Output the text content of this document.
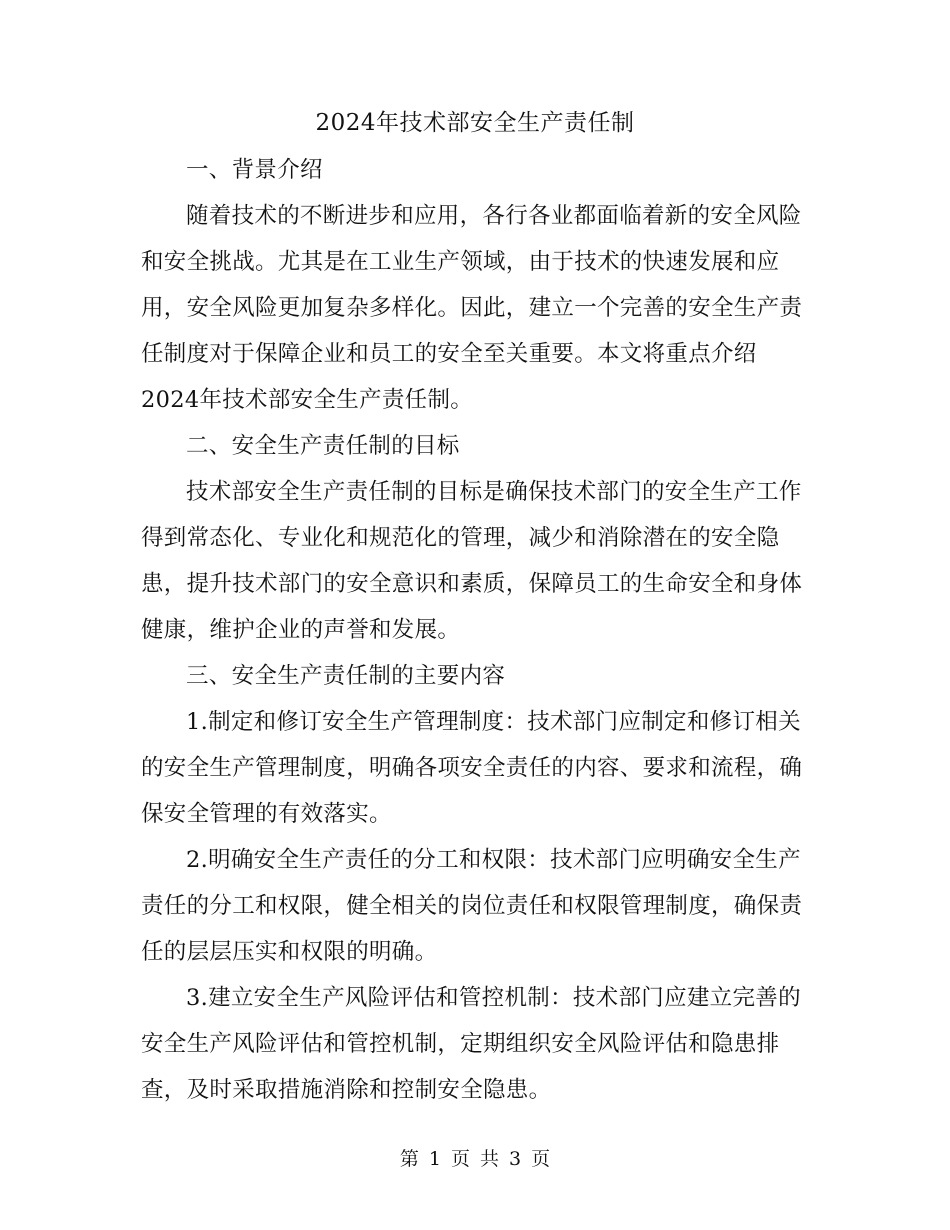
2024年技术部安全生产责任制

一、背景介绍

随着技术的不断进步和应用，各行各业都面临着新的安全风险和安全挑战。尤其是在工业生产领域，由于技术的快速发展和应用，安全风险更加复杂多样化。因此，建立一个完善的安全生产责任制度对于保障企业和员工的安全至关重要。本文将重点介绍2024年技术部安全生产责任制。

二、安全生产责任制的目标

技术部安全生产责任制的目标是确保技术部门的安全生产工作得到常态化、专业化和规范化的管理，减少和消除潜在的安全隐患，提升技术部门的安全意识和素质，保障员工的生命安全和身体健康，维护企业的声誉和发展。

三、安全生产责任制的主要内容

1.制定和修订安全生产管理制度：技术部门应制定和修订相关的安全生产管理制度，明确各项安全责任的内容、要求和流程，确保安全管理的有效落实。

2.明确安全生产责任的分工和权限：技术部门应明确安全生产责任的分工和权限，健全相关的岗位责任和权限管理制度，确保责任的层层压实和权限的明确。

3.建立安全生产风险评估和管控机制：技术部门应建立完善的安全生产风险评估和管控机制，定期组织安全风险评估和隐患排查，及时采取措施消除和控制安全隐患。

第 1 页 共 3 页
